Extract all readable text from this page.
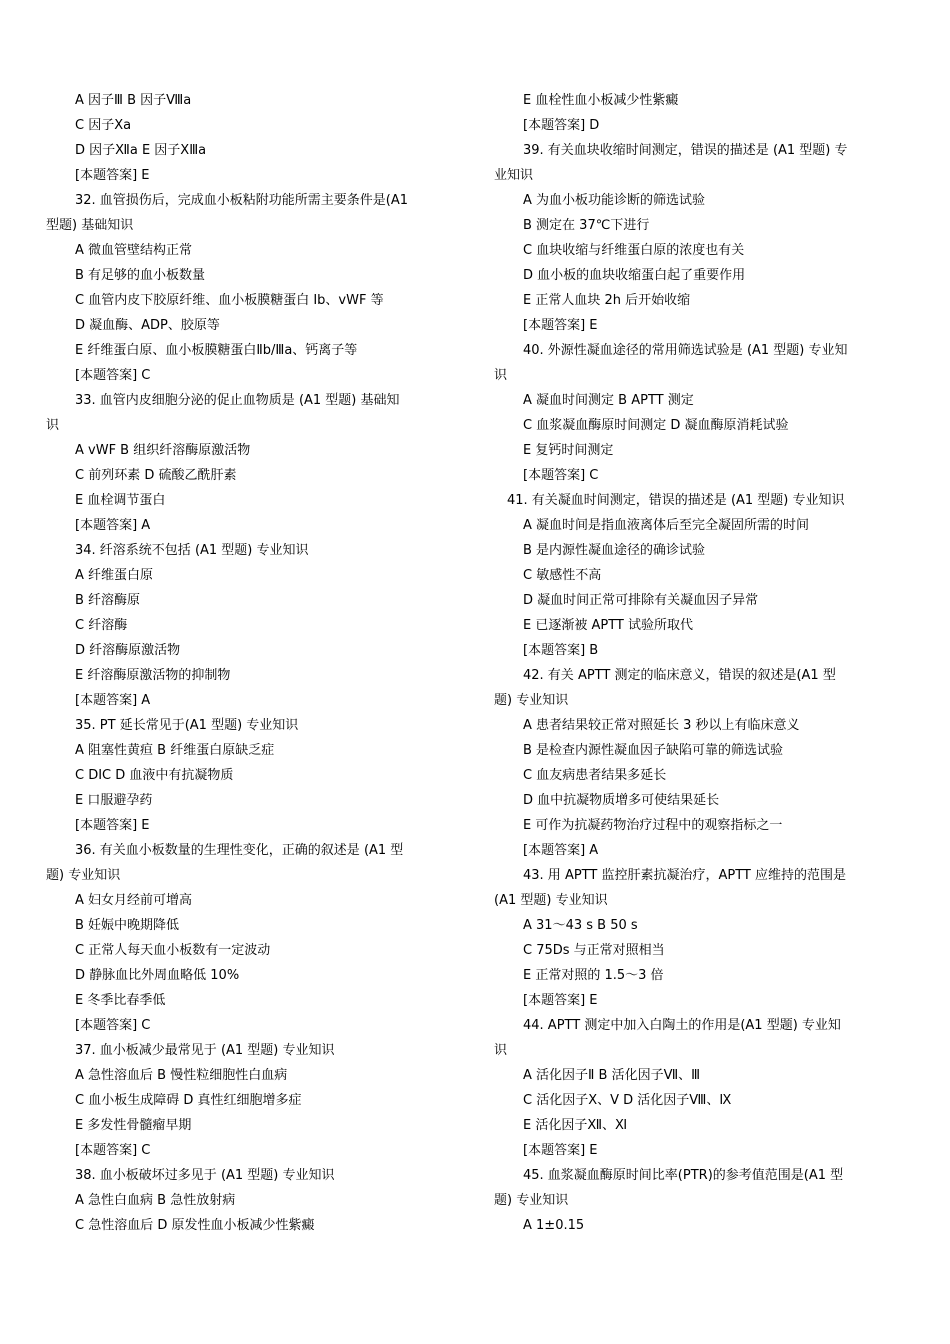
A 因子Ⅲ B 因子Ⅷa
C 因子Ⅹa
D 因子Ⅻa E 因子ⅩⅢa
[本题答案] E
32. 血管损伤后，完成血小板粘附功能所需主要条件是(A1
型题) 基础知识
A 微血管壁结构正常
B 有足够的血小板数量
C 血管内皮下胶原纤维、血小板膜糖蛋白 Ib、vWF 等
D 凝血酶、ADP、胶原等
E 纤维蛋白原、血小板膜糖蛋白Ⅱb/Ⅲa、钙离子等
[本题答案] C
33. 血管内皮细胞分泌的促止血物质是 (A1 型题) 基础知
识
A vWF B 组织纤溶酶原激活物
C 前列环素 D 硫酸乙酰肝素
E 血栓调节蛋白
[本题答案] A
34. 纤溶系统不包括 (A1 型题) 专业知识
A 纤维蛋白原
B 纤溶酶原
C 纤溶酶
D 纤溶酶原激活物
E 纤溶酶原激活物的抑制物
[本题答案] A
35. PT 延长常见于(A1 型题) 专业知识
A 阻塞性黄疸 B 纤维蛋白原缺乏症
C DIC D 血液中有抗凝物质
E 口服避孕药
[本题答案] E
36. 有关血小板数量的生理性变化，正确的叙述是 (A1 型
题) 专业知识
A 妇女月经前可增高
B 妊娠中晚期降低
C 正常人每天血小板数有一定波动
D 静脉血比外周血略低 10%
E 冬季比春季低
[本题答案] C
37. 血小板减少最常见于 (A1 型题) 专业知识
A 急性溶血后 B 慢性粒细胞性白血病
C 血小板生成障碍 D 真性红细胞增多症
E 多发性骨髓瘤早期
[本题答案] C
38. 血小板破坏过多见于 (A1 型题) 专业知识
A 急性白血病 B 急性放射病
C 急性溶血后 D 原发性血小板减少性紫癜
E 血栓性血小板减少性紫癜
[本题答案] D
39. 有关血块收缩时间测定，错误的描述是 (A1 型题) 专
业知识
A 为血小板功能诊断的筛选试验
B 测定在 37℃下进行
C 血块收缩与纤维蛋白原的浓度也有关
D 血小板的血块收缩蛋白起了重要作用
E 正常人血块 2h 后开始收缩
[本题答案] E
40. 外源性凝血途径的常用筛选试验是 (A1 型题) 专业知
识
A 凝血时间测定 B APTT 测定
C 血浆凝血酶原时间测定 D 凝血酶原消耗试验
E 复钙时间测定
[本题答案] C
41. 有关凝血时间测定，错误的描述是 (A1 型题) 专业知识
A 凝血时间是指血液离体后至完全凝固所需的时间
B 是内源性凝血途径的确诊试验
C 敏感性不高
D 凝血时间正常可排除有关凝血因子异常
E 已逐渐被 APTT 试验所取代
[本题答案] B
42. 有关 APTT 测定的临床意义，错误的叙述是(A1 型
题) 专业知识
A 患者结果较正常对照延长 3 秒以上有临床意义
B 是检查内源性凝血因子缺陷可靠的筛选试验
C 血友病患者结果多延长
D 血中抗凝物质增多可使结果延长
E 可作为抗凝药物治疗过程中的观察指标之一
[本题答案] A
43. 用 APTT 监控肝素抗凝治疗，APTT 应维持的范围是
(A1 型题) 专业知识
A 31～43 s B 50 s
C 75Ds 与正常对照相当
E 正常对照的 1.5～3 倍
[本题答案] E
44. APTT 测定中加入白陶土的作用是(A1 型题) 专业知
识
A 活化因子Ⅱ B 活化因子Ⅶ、Ⅲ
C 活化因子Ⅹ、Ⅴ D 活化因子Ⅷ、Ⅸ
E 活化因子Ⅻ、Ⅺ
[本题答案] E
45. 血浆凝血酶原时间比率(PTR)的参考值范围是(A1 型
题) 专业知识
A 1±0.15
